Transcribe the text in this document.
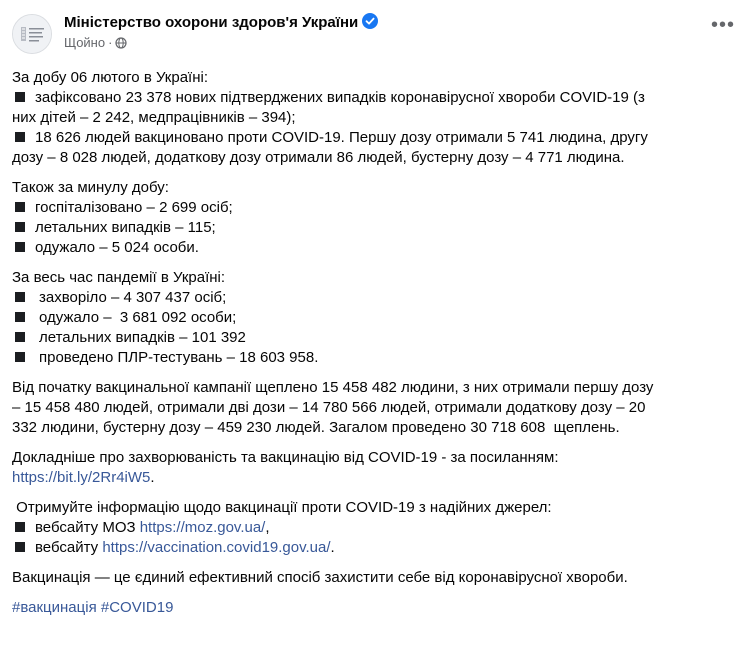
Міністерство охорони здоров'я України
Щойно ·
•••
За добу 06 лютого в Україні:
зафіксовано 23 378 нових підтверджених випадків коронавірусної хвороби COVID-19 (з
них дітей – 2 242, медпрацівників – 394);
18 626 людей вакциновано проти COVID-19. Першу дозу отримали 5 741 людина, другу
дозу – 8 028 людей, додаткову дозу отримали 86 людей, бустерну дозу – 4 771 людина.
Також за минулу добу:
госпіталізовано – 2 699 осіб;
летальних випадків – 115;
одужало – 5 024 особи.
За весь час пандемії в Україні:
захворіло – 4 307 437 осіб;
одужало –  3 681 092 особи;
летальних випадків – 101 392
проведено ПЛР-тестувань – 18 603 958.
Від початку вакцинальної кампанії щеплено 15 458 482 людини, з них отримали першу дозу
– 15 458 480 людей, отримали дві дози – 14 780 566 людей, отримали додаткову дозу – 20
332 людини, бустерну дозу – 459 230 людей. Загалом проведено 30 718 608  щеплень.
Докладніше про захворюваність та вакцинацію від COVID-19 - за посиланням:
https://bit.ly/2Rr4iW5.
Отримуйте інформацію щодо вакцинації проти COVID-19 з надійних джерел:
вебсайту МОЗ https://moz.gov.ua/,
вебсайту https://vaccination.covid19.gov.ua/.
Вакцинація — це єдиний ефективний спосіб захистити себе від коронавірусної хвороби.
#вакцинація #COVID19
